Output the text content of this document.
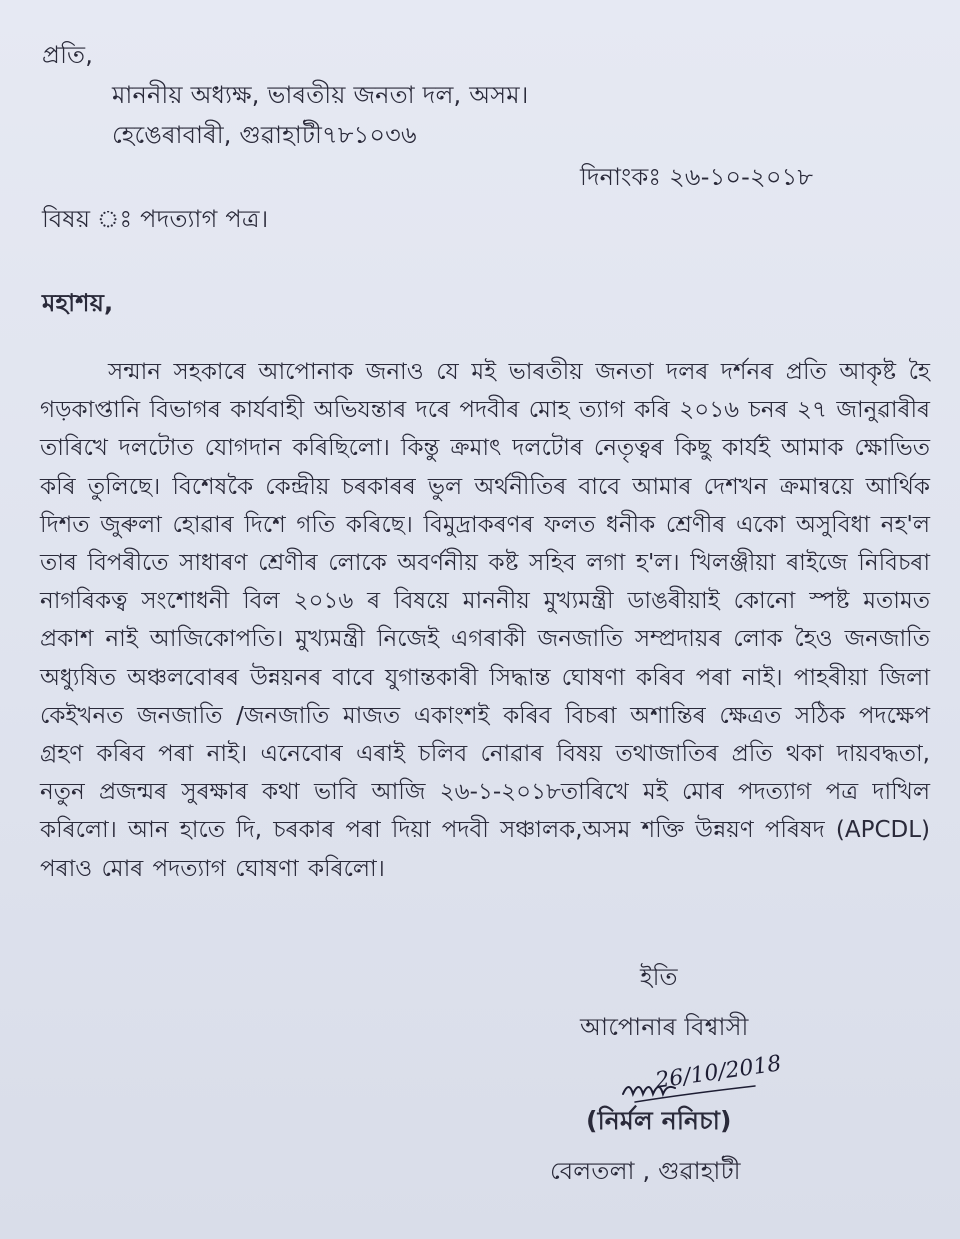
প্ৰতি,
মাননীয় অধ্যক্ষ, ভাৰতীয় জনতা দল, অসম।
হেঙেৰাবাৰী, গুৱাহাটী৭৮১০৩৬
দিনাংকঃ ২৬-১০-২০১৮
বিষয় ঃ পদত্যাগ পত্ৰ।
মহাশয়,

সন্মান সহকাৰে আপোনাক জনাও যে মই ভাৰতীয় জনতা দলৰ দৰ্শনৰ প্ৰতি আকৃষ্ট হৈ গড়কাপ্তানি বিভাগৰ কাৰ্যবাহী অভিযন্তাৰ দৰে পদবীৰ মোহ ত্যাগ কৰি ২০১৬ চনৰ ২৭ জানুৱাৰীৰ তাৰিখে দলটোত যোগদান কৰিছিলো। কিন্তু ক্ৰমাৎ দলটোৰ নেতৃত্বৰ কিছু কাৰ্যই আমাক ক্ষোভিত কৰি তুলিছে। বিশেষকৈ কেন্দ্ৰীয় চৰকাৰৰ ভুল অৰ্থনীতিৰ বাবে আমাৰ দেশখন ক্ৰমান্বয়ে আৰ্থিক দিশত জুৰুলা হোৱাৰ দিশে গতি কৰিছে। বিমুদ্ৰাকৰণৰ ফলত ধনীক শ্ৰেণীৰ একো অসুবিধা নহ'ল তাৰ বিপৰীতে সাধাৰণ শ্ৰেণীৰ লোকে অবৰ্ণনীয় কষ্ট সহিব লগা হ'ল। খিলঞ্জীয়া ৰাইজে নিবিচৰা নাগৰিকত্ব সংশোধনী বিল ২০১৬ ৰ বিষয়ে মাননীয় মুখ্যমন্ত্ৰী ডাঙৰীয়াই কোনো স্পষ্ট মতামত প্ৰকাশ নাই আজিকোপতি। মুখ্যমন্ত্ৰী নিজেই এগৰাকী জনজাতি সম্প্ৰদায়ৰ লোক হৈও জনজাতি অধ্যুষিত অঞ্চলবোৰৰ উন্নয়নৰ বাবে যুগান্তকাৰী সিদ্ধান্ত ঘোষণা কৰিব পৰা নাই। পাহৰীয়া জিলা কেইখনত জনজাতি /জনজাতি মাজত একাংশই কৰিব বিচৰা অশান্তিৰ ক্ষেত্ৰত সঠিক পদক্ষেপ গ্ৰহণ কৰিব পৰা নাই। এনেবোৰ এৰাই চলিব নোৱাৰ বিষয় তথাজাতিৰ প্ৰতি থকা দায়বদ্ধতা, নতুন প্ৰজন্মৰ সুৰক্ষাৰ কথা ভাবি আজি ২৬-১-২০১৮তাৰিখে মই মোৰ পদত্যাগ পত্ৰ দাখিল কৰিলো। আন হাতে দি, চৰকাৰ পৰা দিয়া পদবী সঞ্চালক,অসম শক্তি উন্নয়ণ পৰিষদ (APCDL) পৰাও মোৰ পদত্যাগ ঘোষণা কৰিলো।

ইতি
আপোনাৰ বিশ্বাসী
26/10/2018
(নিৰ্মল ননিচা)
বেলতলা , গুৱাহাটী
